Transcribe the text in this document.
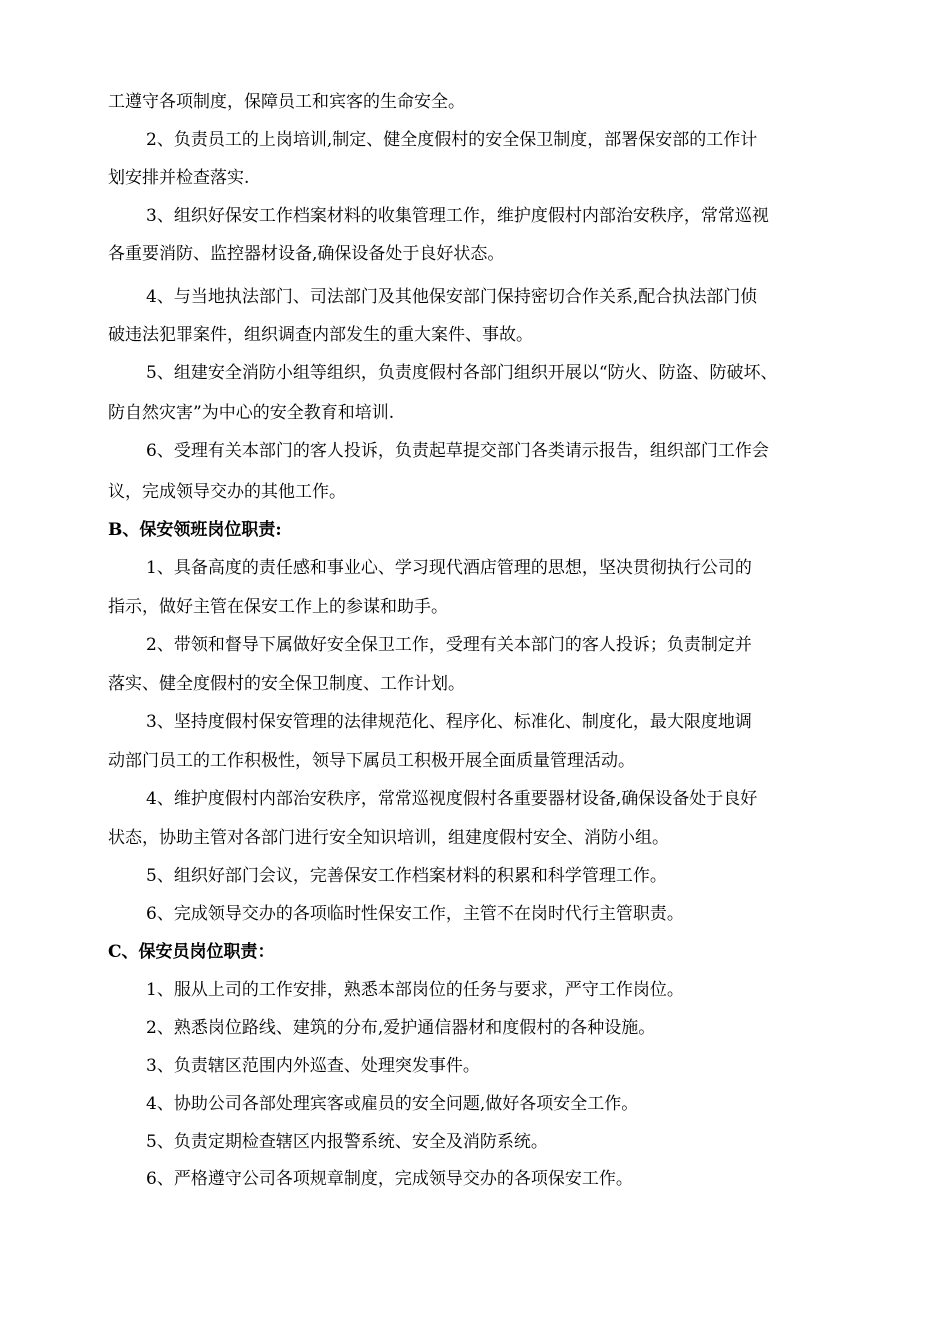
工遵守各项制度，保障员工和宾客的生命安全。
2、负责员工的上岗培训,制定、健全度假村的安全保卫制度，部署保安部的工作计
划安排并检查落实.
3、组织好保安工作档案材料的收集管理工作，维护度假村内部治安秩序，常常巡视
各重要消防、监控器材设备,确保设备处于良好状态。
4、与当地执法部门、司法部门及其他保安部门保持密切合作关系,配合执法部门侦
破违法犯罪案件，组织调查内部发生的重大案件、事故。
5、组建安全消防小组等组织，负责度假村各部门组织开展以“防火、防盗、防破坏、
防自然灾害”为中心的安全教育和培训.
6、受理有关本部门的客人投诉，负责起草提交部门各类请示报告，组织部门工作会
议，完成领导交办的其他工作。
B、保安领班岗位职责:
1、具备高度的责任感和事业心、学习现代酒店管理的思想，坚决贯彻执行公司的
指示，做好主管在保安工作上的参谋和助手。
2、带领和督导下属做好安全保卫工作，受理有关本部门的客人投诉；负责制定并
落实、健全度假村的安全保卫制度、工作计划。
3、坚持度假村保安管理的法律规范化、程序化、标准化、制度化，最大限度地调
动部门员工的工作积极性，领导下属员工积极开展全面质量管理活动。
4、维护度假村内部治安秩序，常常巡视度假村各重要器材设备,确保设备处于良好
状态，协助主管对各部门进行安全知识培训，组建度假村安全、消防小组。
5、组织好部门会议，完善保安工作档案材料的积累和科学管理工作。
6、完成领导交办的各项临时性保安工作，主管不在岗时代行主管职责。
C、保安员岗位职责：
1、服从上司的工作安排，熟悉本部岗位的任务与要求，严守工作岗位。
2、熟悉岗位路线、建筑的分布,爱护通信器材和度假村的各种设施。
3、负责辖区范围内外巡查、处理突发事件。
4、协助公司各部处理宾客或雇员的安全问题,做好各项安全工作。
5、负责定期检查辖区内报警系统、安全及消防系统。
6、严格遵守公司各项规章制度，完成领导交办的各项保安工作。
